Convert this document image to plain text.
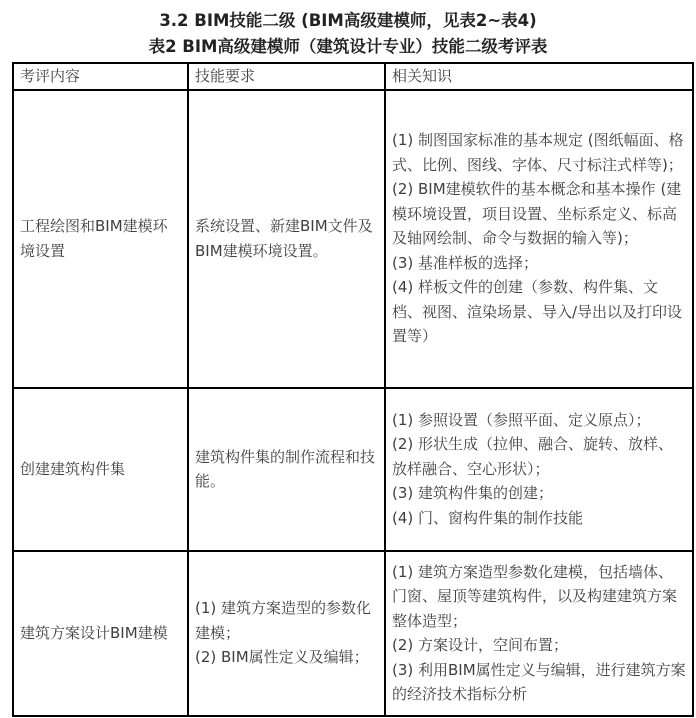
3.2 BIM技能二级 (BIM高级建模师，见表2~表4)
表2 BIM高级建模师（建筑设计专业）技能二级考评表
考评内容	技能要求	相关知识
工程绘图和BIM建模环境设置	系统设置、新建BIM文件及BIM建模环境设置。	(1) 制图国家标准的基本规定 (图纸幅面、格式、比例、图线、字体、尺寸标注式样等)；
(2) BIM建模软件的基本概念和基本操作 (建模环境设置，项目设置、坐标系定义、标高及轴网绘制、命令与数据的输入等)；
(3) 基准样板的选择；
(4) 样板文件的创建（参数、构件集、文档、视图、渲染场景、导入/导出以及打印设置等）

创建建筑构件集	建筑构件集的制作流程和技能。	(1) 参照设置（参照平面、定义原点）；
(2) 形状生成（拉伸、融合、旋转、放样、放样融合、空心形状）；
(3) 建筑构件集的创建；
(4) 门、窗构件集的制作技能

建筑方案设计BIM建模	(1) 建筑方案造型的参数化建模；
(2) BIM属性定义及编辑；	(1) 建筑方案造型参数化建模，包括墙体、门窗、屋顶等建筑构件，以及构建建筑方案整体造型；
(2) 方案设计，空间布置；
(3) 利用BIM属性定义与编辑，进行建筑方案的经济技术指标分析
